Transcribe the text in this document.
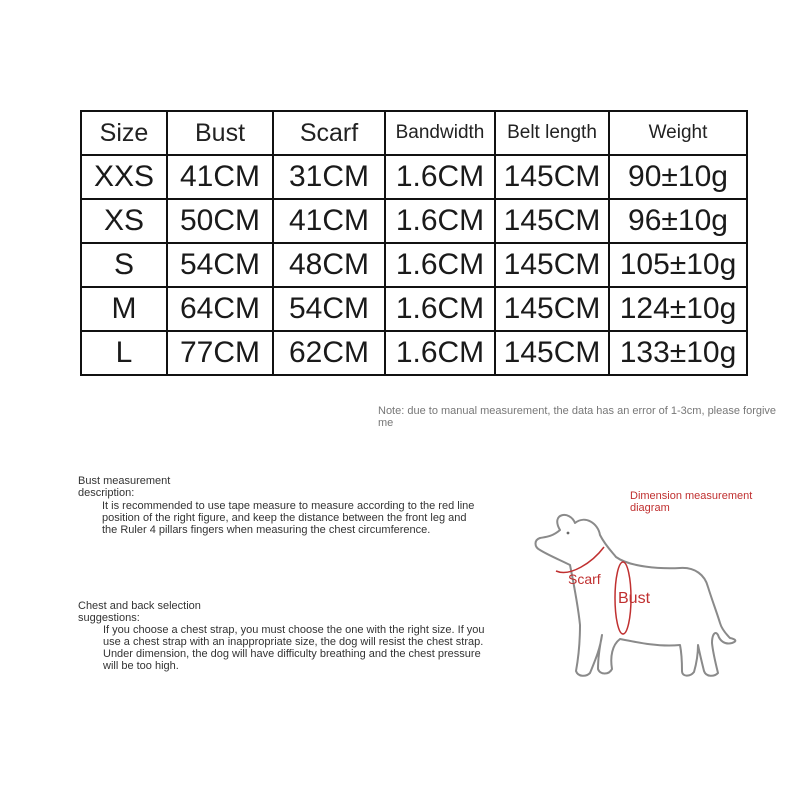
Size	Bust	Scarf	Bandwidth	Belt length	Weight
XXS	41CM	31CM	1.6CM	145CM	90±10g
XS	50CM	41CM	1.6CM	145CM	96±10g
S	54CM	48CM	1.6CM	145CM	105±10g
M	64CM	54CM	1.6CM	145CM	124±10g
L	77CM	62CM	1.6CM	145CM	133±10g
Note: due to manual measurement, the data has an error of 1-3cm, please forgive me
Bust measurement description:
It is recommended to use tape measure to measure according to the red line position of the right figure, and keep the distance between the front leg and the Ruler 4 pillars fingers when measuring the chest circumference.
Chest and back selection suggestions:
If you choose a chest strap, you must choose the one with the right size. If you use a chest strap with an inappropriate size, the dog will resist the chest strap. Under dimension, the dog will have difficulty breathing and the chest pressure will be too high.
Dimension measurement diagram
Scarf
Bust
